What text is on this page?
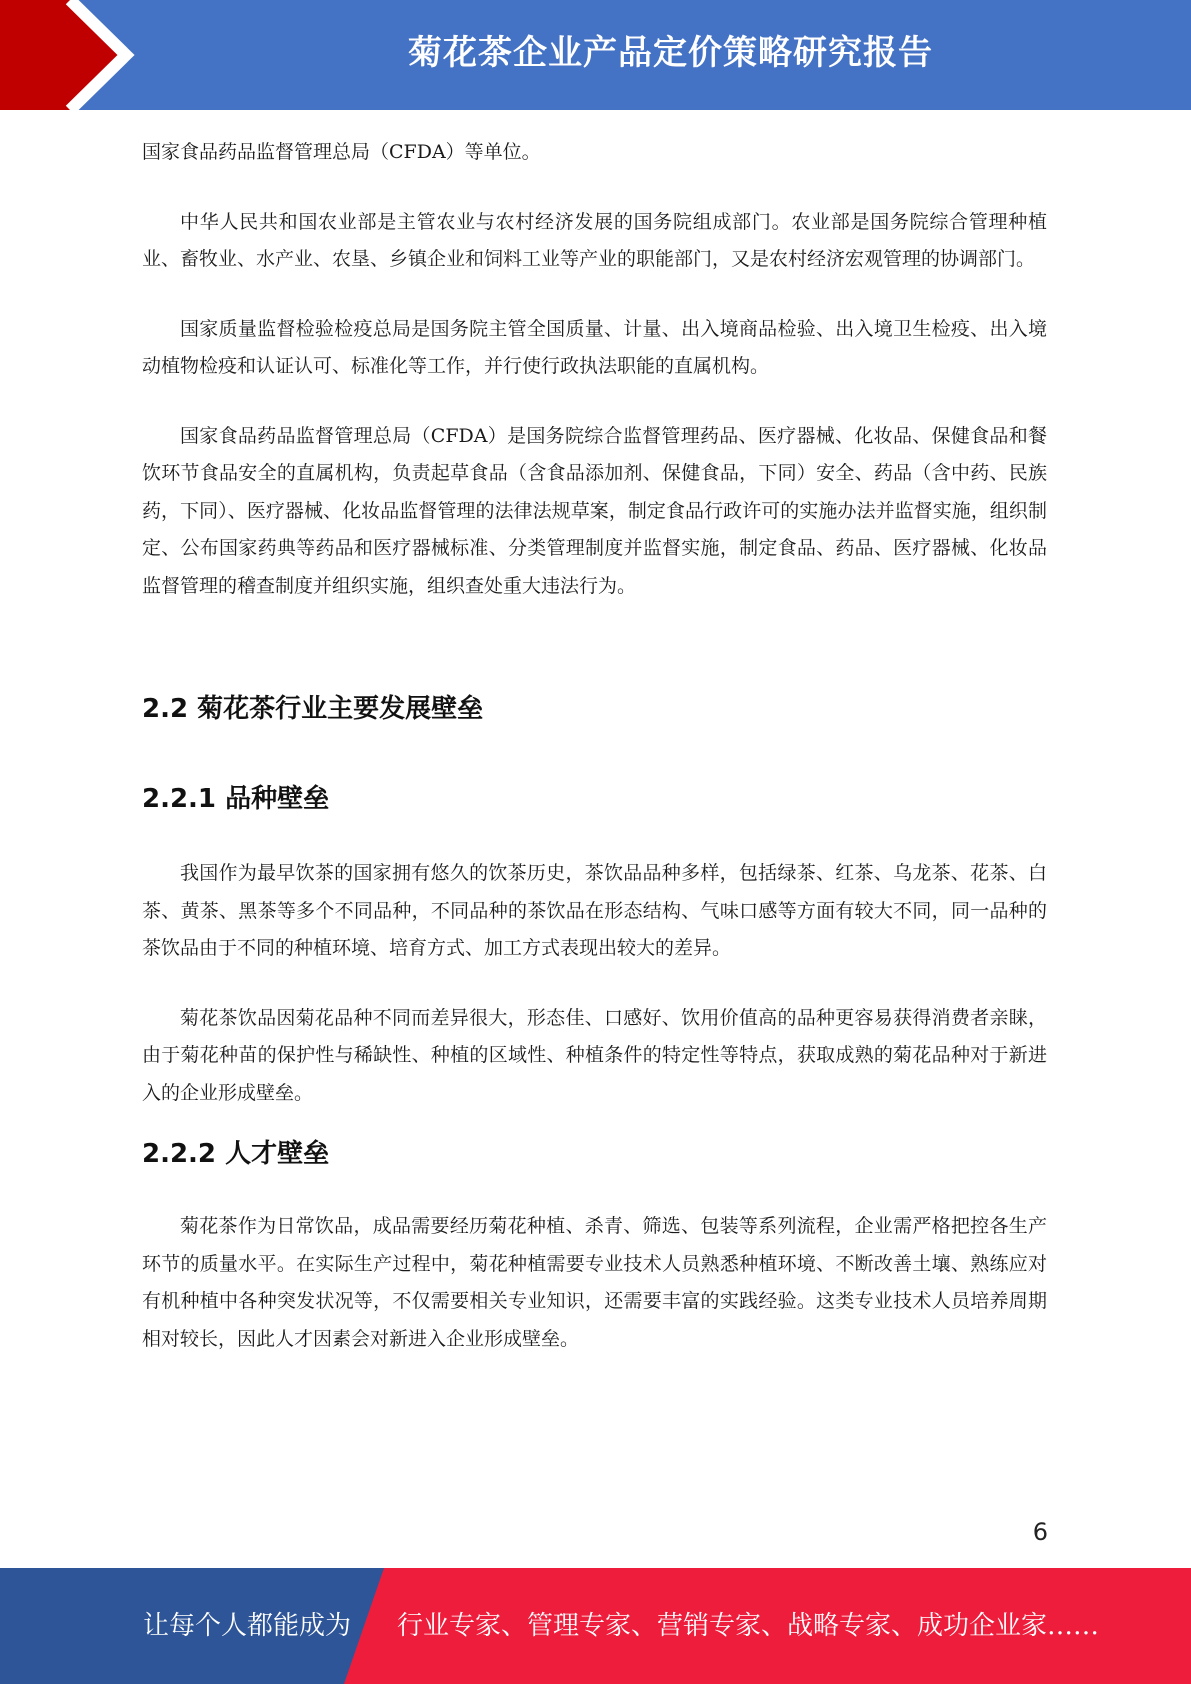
菊花茶企业产品定价策略研究报告

国家食品药品监督管理总局（CFDA）等单位。

中华人民共和国农业部是主管农业与农村经济发展的国务院组成部门。农业部是国务院综合管理种植业、畜牧业、水产业、农垦、乡镇企业和饲料工业等产业的职能部门，又是农村经济宏观管理的协调部门。

国家质量监督检验检疫总局是国务院主管全国质量、计量、出入境商品检验、出入境卫生检疫、出入境动植物检疫和认证认可、标准化等工作，并行使行政执法职能的直属机构。

国家食品药品监督管理总局（CFDA）是国务院综合监督管理药品、医疗器械、化妆品、保健食品和餐饮环节食品安全的直属机构，负责起草食品（含食品添加剂、保健食品，下同）安全、药品（含中药、民族药，下同）、医疗器械、化妆品监督管理的法律法规草案，制定食品行政许可的实施办法并监督实施，组织制定、公布国家药典等药品和医疗器械标准、分类管理制度并监督实施，制定食品、药品、医疗器械、化妆品监督管理的稽查制度并组织实施，组织查处重大违法行为。

2.2 菊花茶行业主要发展壁垒
2.2.1 品种壁垒

我国作为最早饮茶的国家拥有悠久的饮茶历史，茶饮品品种多样，包括绿茶、红茶、乌龙茶、花茶、白茶、黄茶、黑茶等多个不同品种，不同品种的茶饮品在形态结构、气味口感等方面有较大不同，同一品种的茶饮品由于不同的种植环境、培育方式、加工方式表现出较大的差异。

菊花茶饮品因菊花品种不同而差异很大，形态佳、口感好、饮用价值高的品种更容易获得消费者亲睐，由于菊花种苗的保护性与稀缺性、种植的区域性、种植条件的特定性等特点，获取成熟的菊花品种对于新进入的企业形成壁垒。

2.2.2 人才壁垒

菊花茶作为日常饮品，成品需要经历菊花种植、杀青、筛选、包装等系列流程，企业需严格把控各生产环节的质量水平。在实际生产过程中，菊花种植需要专业技术人员熟悉种植环境、不断改善土壤、熟练应对有机种植中各种突发状况等，不仅需要相关专业知识，还需要丰富的实践经验。这类专业技术人员培养周期相对较长，因此人才因素会对新进入企业形成壁垒。

6
让每个人都能成为 行业专家、管理专家、营销专家、战略专家、成功企业家……
